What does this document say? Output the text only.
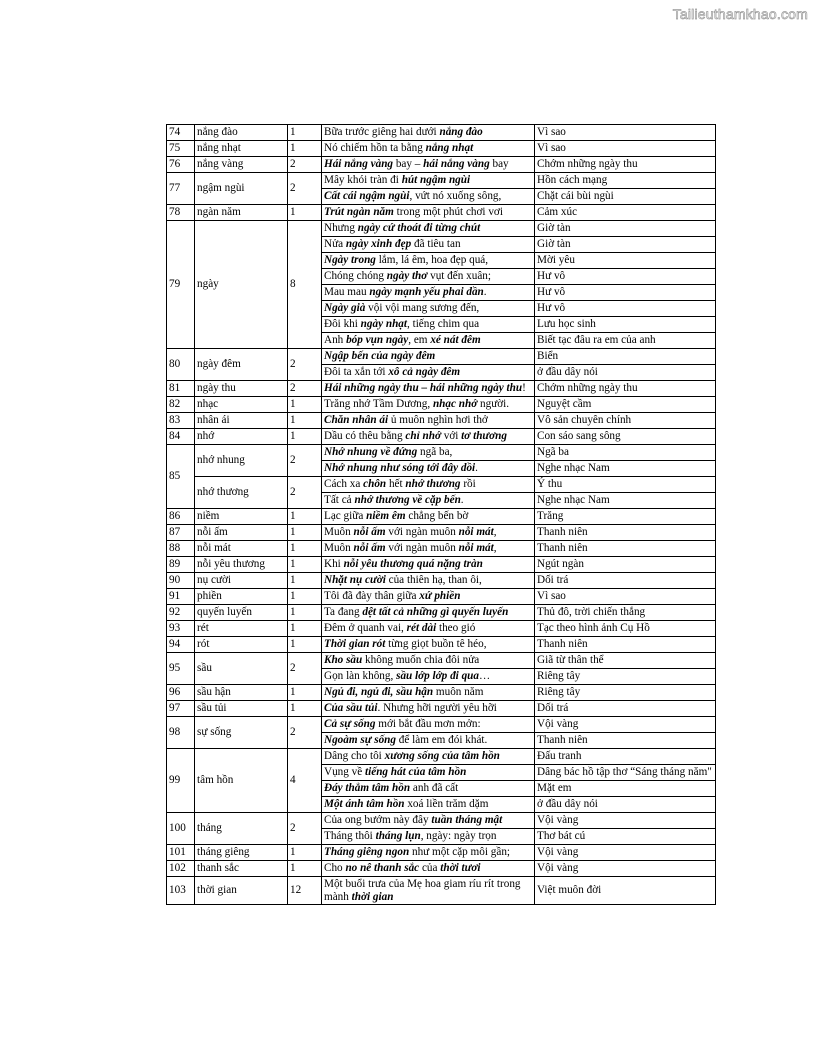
Tailieuthamkhao.com
74	nắng đào	1	Bữa trước giêng hai dưới nắng đào	Vì sao
75	nắng nhạt	1	Nó chiếm hồn ta bằng nắng nhạt	Vì sao
76	nắng vàng	2	Hái nắng vàng bay – hái nắng vàng bay	Chớm những ngày thu
77	ngậm ngùi	2	Mây khói tràn đi hút ngậm ngùi	Hồn cách mạng
			Cất cái ngậm ngùi, vứt nó xuống sông,	Chặt cái bùi ngùi
78	ngàn năm	1	Trút ngàn năm trong một phút chơi vơi	Cảm xúc
79	ngày	8	Nhưng ngày cứ thoát đi từng chút	Giờ tàn
			Nửa ngày xinh đẹp đã tiêu tan	Giờ tàn
			Ngày trong lắm, lá êm, hoa đẹp quá,	Mời yêu
			Chóng chóng ngày thơ vụt đến xuân;	Hư vô
			Mau mau ngày mạnh yếu phai dần.	Hư vô
			Ngày già vội vội mang sương đến,	Hư vô
			Đôi khi ngày nhạt, tiếng chim qua	Lưu học sinh
			Anh bóp vụn ngày, em xé nát đêm	Biết tạc đâu ra em của anh
80	ngày đêm	2	Ngập bến của ngày đêm	Biển
			Đôi ta xắn tới xô cả ngày đêm	ở đầu dây nói
81	ngày thu	2	Hái những ngày thu – hái những ngày thu!	Chớm những ngày thu
82	nhạc	1	Trăng nhớ Tầm Dương, nhạc nhớ người.	Nguyệt cầm
83	nhân ái	1	Chăn nhân ái ủ muôn nghìn hơi thở	Vô sản chuyên chính
84	nhớ	1	Dầu có thêu bằng chỉ nhớ với tơ thương	Con sáo sang sông
85	nhớ nhung	2	Nhớ nhung về đứng ngã ba,	Ngã ba
			Nhớ nhung như sóng tới đây dồi.	Nghe nhạc Nam
	nhớ thương	2	Cách xa chôn hết nhớ thương rồi	Ý thu
			Tất cả nhớ thương về cặp bến.	Nghe nhạc Nam
86	niềm	1	Lạc giữa niềm êm chẳng bến bờ	Trăng
87	nỗi ấm	1	Muôn nỗi ấm với ngàn muôn nỗi mát,	Thanh niên
88	nỗi mát	1	Muôn nỗi ấm với ngàn muôn nỗi mát,	Thanh niên
89	nỗi yêu thương	1	Khi nỗi yêu thương quá nặng tràn	Ngút ngàn
90	nụ cười	1	Nhặt nụ cười của thiên hạ, than ôi,	Dối trá
91	phiền	1	Tôi đã đày thân giữa xứ phiền	Vì sao
92	quyến luyến	1	Ta đang dệt tất cả những gì quyến luyến	Thủ đô, trời chiến thắng
93	rét	1	Đêm ở quanh vai, rét dài theo gió	Tạc theo hình ảnh Cụ Hồ
94	rót	1	Thời gian rót từng giọt buồn tê héo,	Thanh niên
95	sầu	2	Kho sầu không muốn chia đôi nửa	Giã từ thân thể
			Gọn làn không, sầu lớp lớp đi qua…	Riêng tây
96	sầu hận	1	Ngủ đi, ngủ đi, sầu hận muôn năm	Riêng tây
97	sầu tủi	1	Của sầu tủi. Nhưng hỡi người yêu hỡi	Dối trá
98	sự sống	2	Cả sự sống mới bắt đầu mơn mởn:	Vội vàng
			Ngoàm sự sống để làm em đói khát.	Thanh niên
99	tâm hồn	4	Dâng cho tôi xương sống của tâm hồn	Đấu tranh
			Vụng về tiếng hát của tâm hồn	Dâng bác hồ tập thơ “Sáng tháng năm"
			Đáy thẳm tâm hồn anh đã cất	Mặt em
			Một ánh tâm hồn xoá liền trăm dặm	ở đầu dây nói
100	tháng	2	Của ong bướm này đây tuần tháng mật	Vội vàng
			Tháng thôi tháng lụn, ngày: ngày trọn	Thơ bát cú
101	tháng giêng	1	Tháng giêng ngon như một cặp môi gần;	Vội vàng
102	thanh sắc	1	Cho no nê thanh sắc của thời tươi	Vội vàng
103	thời gian	12	Một buổi trưa của Mẹ hoa giam ríu rít trong mành thời gian	Việt muôn đời
